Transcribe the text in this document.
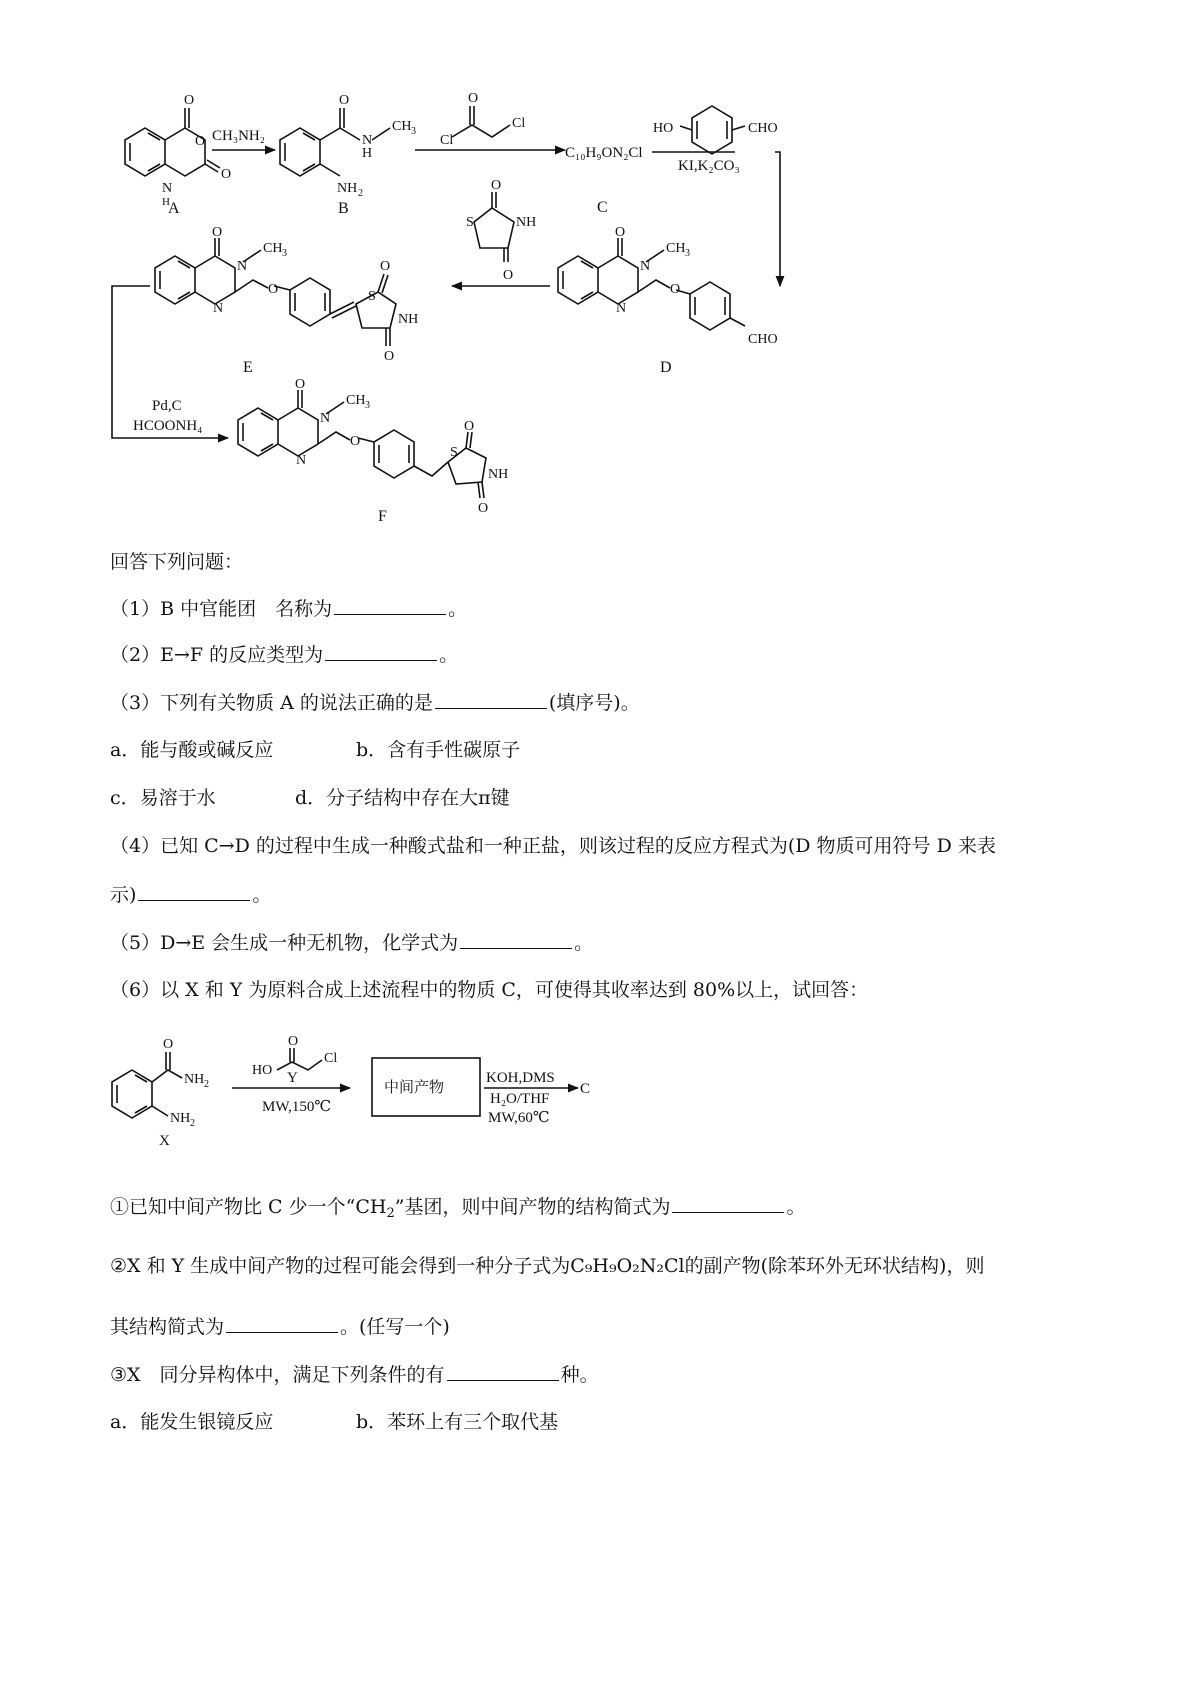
O
O
O
N
H
O
N
H
CH 3
NH 2
O
Cl
Cl	HO	CHO
S
O
NH
O
O
N
CH 3
N
O
CHO
O
N
CH 3
N
O	S
NH
O
O
O
N
CH 3
N
O
S
NH
O
O
A	B	C
D
E
F
CH₃NH₂
C₁₀H₉ON₂Cl
KI,K₂CO₃
Pd,C
HCOONH₄
回答下列问题：
（1）B 中官能团　名称为	。
（2）E→F 的反应类型为	。
（3）下列有关物质 A 的说法正确的是	(填序号)。
a．能与酸或碱反应	b．含有手性碳原子
c．易溶于水	d．分子结构中存在大π键
（4）已知 C→D 的过程中生成一种酸式盐和一种正盐，则该过程的反应方程式为(D 物质可用符号 D 来表
示)	。
（5）D→E 会生成一种无机物，化学式为	。
（6）以 X 和 Y 为原料合成上述流程中的物质 C，可使得其收率达到 80%以上，试回答：
O
NH 2
NH 2
O
HO
Cl
X
Y
MW,150℃
中间产物
KOH,DMS
H₂O/THF
MW,60℃
C
①已知中间产物比 C 少一个“$CH_2$”基团，则中间产物的结构简式为	。
②X 和 Y 生成中间产物的过程可能会得到一种分子式为C₉H₉O₂N₂Cl的副产物(除苯环外无环状结构)，则
其结构简式为	。(任写一个)
③X　同分异构体中，满足下列条件的有	种。
a．能发生银镜反应	b．苯环上有三个取代基
